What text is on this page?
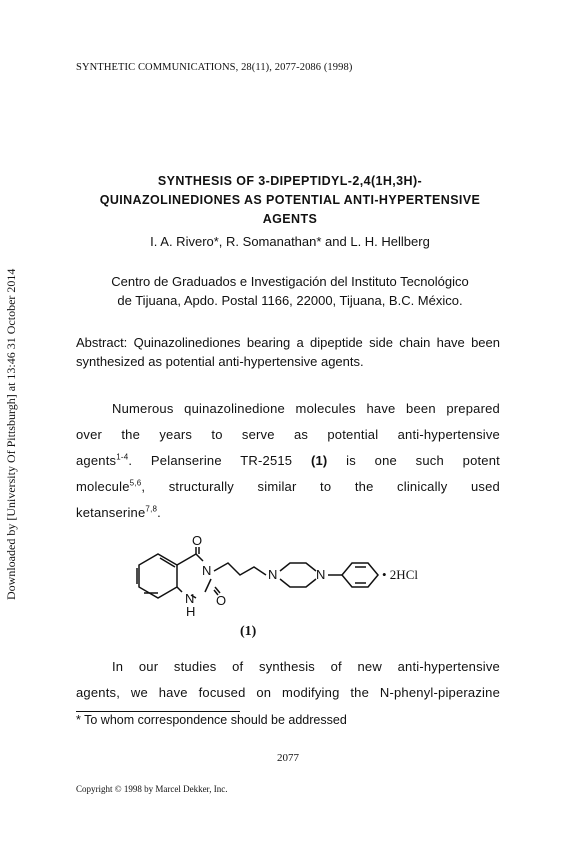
SYNTHETIC COMMUNICATIONS, 28(11), 2077-2086 (1998)
Downloaded by [University Of Pittsburgh] at 13:46 31 October 2014
SYNTHESIS OF 3-DIPEPTIDYL-2,4(1H,3H)-
QUINAZOLINEDIONES AS POTENTIAL ANTI-HYPERTENSIVE
AGENTS
I. A. Rivero*, R. Somanathan* and L. H. Hellberg
Centro de Graduados e Investigación del Instituto Tecnológico
de Tijuana, Apdo. Postal 1166, 22000, Tijuana, B.C. México.
Abstract: Quinazolinediones bearing a dipeptide side chain have been synthesized as potential anti-hypertensive agents.
Numerous quinazolinedione molecules have been prepared
over the years to serve as potential anti-hypertensive
agents$^{1-4}$. Pelanserine TR-2515 (1) is one such potent
molecule$^{5,6}$, structurally similar to the clinically used
ketanserine$^{7,8}$.
O
N
N
H
O
N	N	• 2HCl
(1)
In our studies of synthesis of new anti-hypertensive
agents, we have focused on modifying the N-phenyl-piperazine
* To whom correspondence should be addressed
2077
Copyright © 1998 by Marcel Dekker, Inc.
